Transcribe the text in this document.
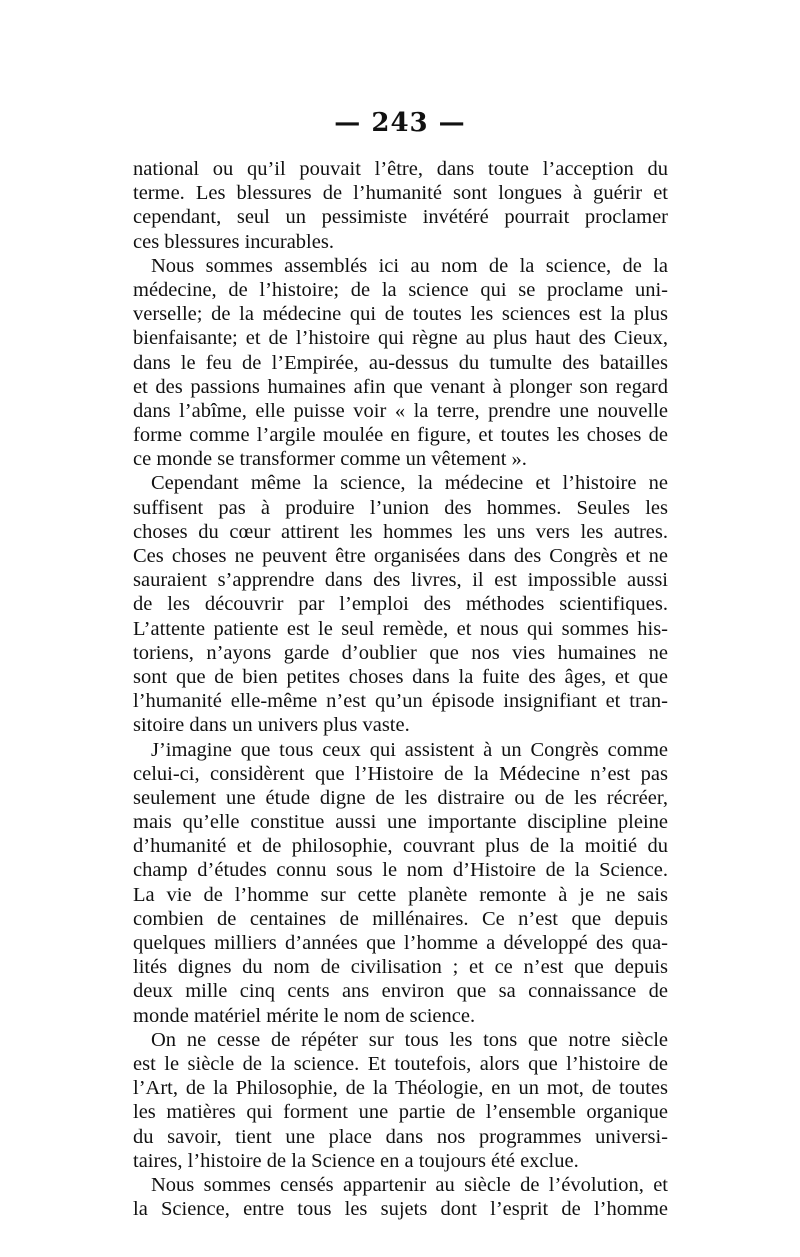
— 243 —
national ou qu’il pouvait l’être, dans toute l’acception du
terme. Les blessures de l’humanité sont longues à guérir et
cependant, seul un pessimiste invétéré pourrait proclamer
ces blessures incurables.
Nous sommes assemblés ici au nom de la science, de la
médecine, de l’histoire; de la science qui se proclame uni-
verselle; de la médecine qui de toutes les sciences est la plus
bienfaisante; et de l’histoire qui règne au plus haut des Cieux,
dans le feu de l’Empirée, au-dessus du tumulte des batailles
et des passions humaines afin que venant à plonger son regard
dans l’abîme, elle puisse voir « la terre, prendre une nouvelle
forme comme l’argile moulée en figure, et toutes les choses de
ce monde se transformer comme un vêtement ».
Cependant même la science, la médecine et l’histoire ne
suffisent pas à produire l’union des hommes. Seules les
choses du cœur attirent les hommes les uns vers les autres.
Ces choses ne peuvent être organisées dans des Congrès et ne
sauraient s’apprendre dans des livres, il est impossible aussi
de les découvrir par l’emploi des méthodes scientifiques.
L’attente patiente est le seul remède, et nous qui sommes his-
toriens, n’ayons garde d’oublier que nos vies humaines ne
sont que de bien petites choses dans la fuite des âges, et que
l’humanité elle-même n’est qu’un épisode insignifiant et tran-
sitoire dans un univers plus vaste.
J’imagine que tous ceux qui assistent à un Congrès comme
celui-ci, considèrent que l’Histoire de la Médecine n’est pas
seulement une étude digne de les distraire ou de les récréer,
mais qu’elle constitue aussi une importante discipline pleine
d’humanité et de philosophie, couvrant plus de la moitié du
champ d’études connu sous le nom d’Histoire de la Science.
La vie de l’homme sur cette planète remonte à je ne sais
combien de centaines de millénaires. Ce n’est que depuis
quelques milliers d’années que l’homme a développé des qua-
lités dignes du nom de civilisation ; et ce n’est que depuis
deux mille cinq cents ans environ que sa connaissance de
monde matériel mérite le nom de science.
On ne cesse de répéter sur tous les tons que notre siècle
est le siècle de la science. Et toutefois, alors que l’histoire de
l’Art, de la Philosophie, de la Théologie, en un mot, de toutes
les matières qui forment une partie de l’ensemble organique
du savoir, tient une place dans nos programmes universi-
taires, l’histoire de la Science en a toujours été exclue.
Nous sommes censés appartenir au siècle de l’évolution, et
la Science, entre tous les sujets dont l’esprit de l’homme
